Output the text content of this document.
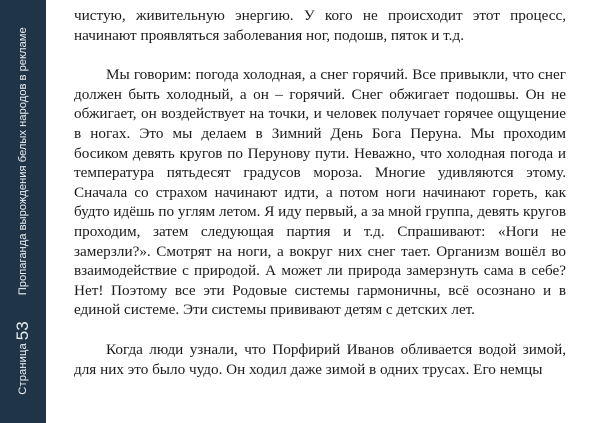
Страница
53
Пропаганда вырождения белых народов в рекламе

чистую, живительную энергию. У кого не происходит этот процесс, начинают проявляться заболевания ног, подошв, пяток и т.д.

Мы говорим: погода холодная, а снег горячий. Все привыкли, что снег должен быть холодный, а он – горячий. Снег обжигает подошвы. Он не обжигает, он воздействует на точки, и человек получает горячее ощущение в ногах. Это мы делаем в Зимний День Бога Перуна. Мы проходим босиком девять кругов по Перунову пути. Неважно, что холодная погода и температура пятьдесят градусов мороза. Многие удивляются этому. Сначала со страхом начинают идти, а потом ноги начинают гореть, как будто идёшь по углям летом. Я иду первый, а за мной группа, девять кругов проходим, затем следующая партия и т.д. Спрашивают: «Ноги не замерзли?». Смотрят на ноги, а вокруг них снег тает. Организм вошёл во взаимодействие с природой. А может ли природа замерзнуть сама в себе? Нет! Поэтому все эти Родовые системы гармоничны, всё осознано и в единой системе. Эти системы прививают детям с детских лет.

Когда люди узнали, что Порфирий Иванов обливается водой зимой, для них это было чудо. Он ходил даже зимой в одних трусах. Его немцы
